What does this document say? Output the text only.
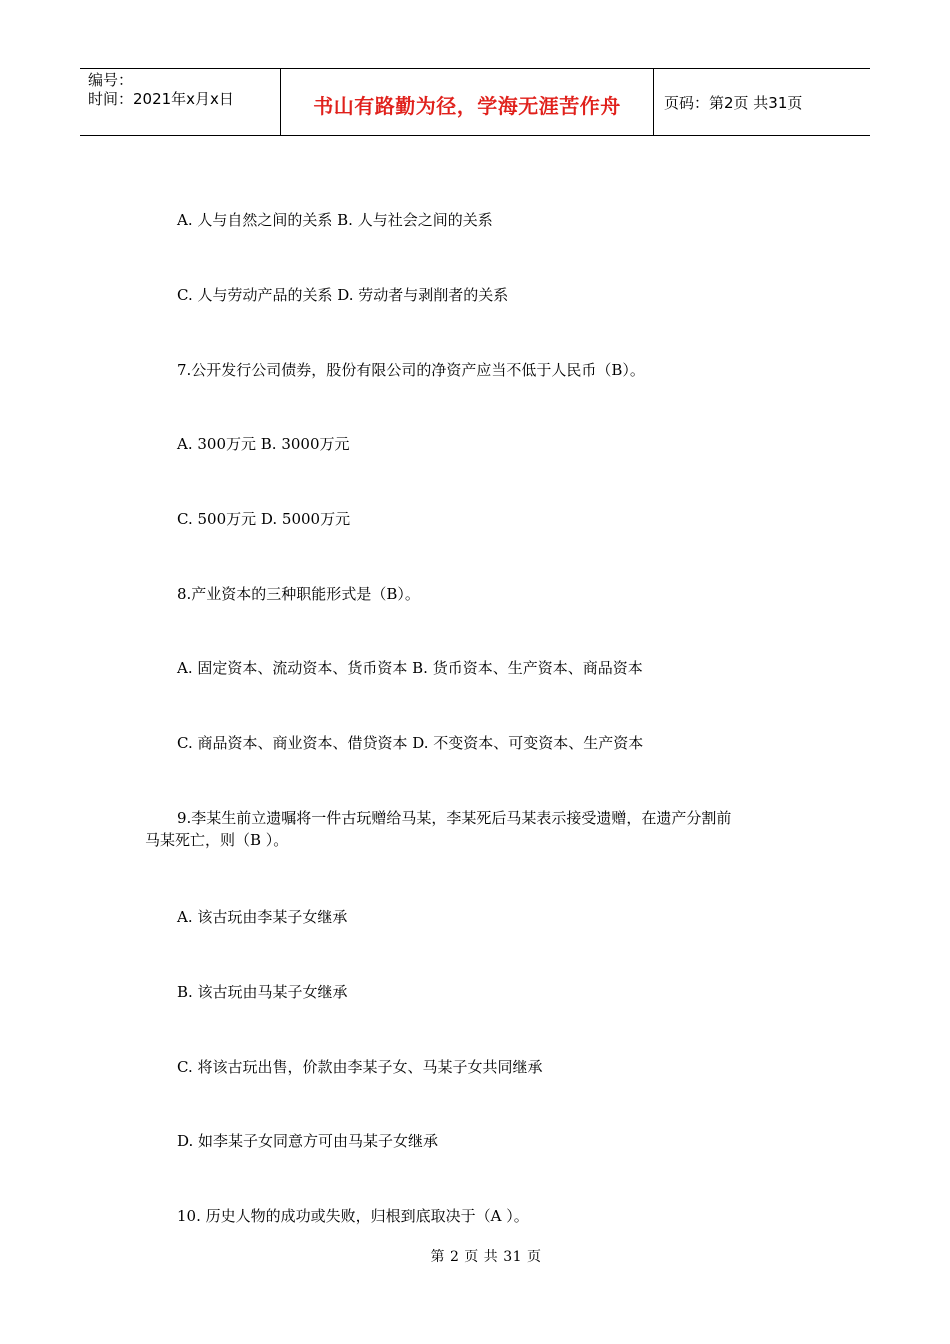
编号：
时间：2021年x月x日	书山有路勤为径，学海无涯苦作舟	页码：第2页 共31页
A. 人与自然之间的关系 B. 人与社会之间的关系
C. 人与劳动产品的关系 D. 劳动者与剥削者的关系
7.公开发行公司债券，股份有限公司的净资产应当不低于人民币（B）。
A. 300万元 B. 3000万元
C. 500万元 D. 5000万元
8.产业资本的三种职能形式是（B）。
A. 固定资本、流动资本、货币资本 B. 货币资本、生产资本、商品资本
C. 商品资本、商业资本、借贷资本 D. 不变资本、可变资本、生产资本
9.李某生前立遗嘱将一件古玩赠给马某，李某死后马某表示接受遗赠，在遗产分割前
马某死亡，则（B ）。
A. 该古玩由李某子女继承
B. 该古玩由马某子女继承
C. 将该古玩出售，价款由李某子女、马某子女共同继承
D. 如李某子女同意方可由马某子女继承
10. 历史人物的成功或失败，归根到底取决于（A ）。
第 2 页 共 31 页
